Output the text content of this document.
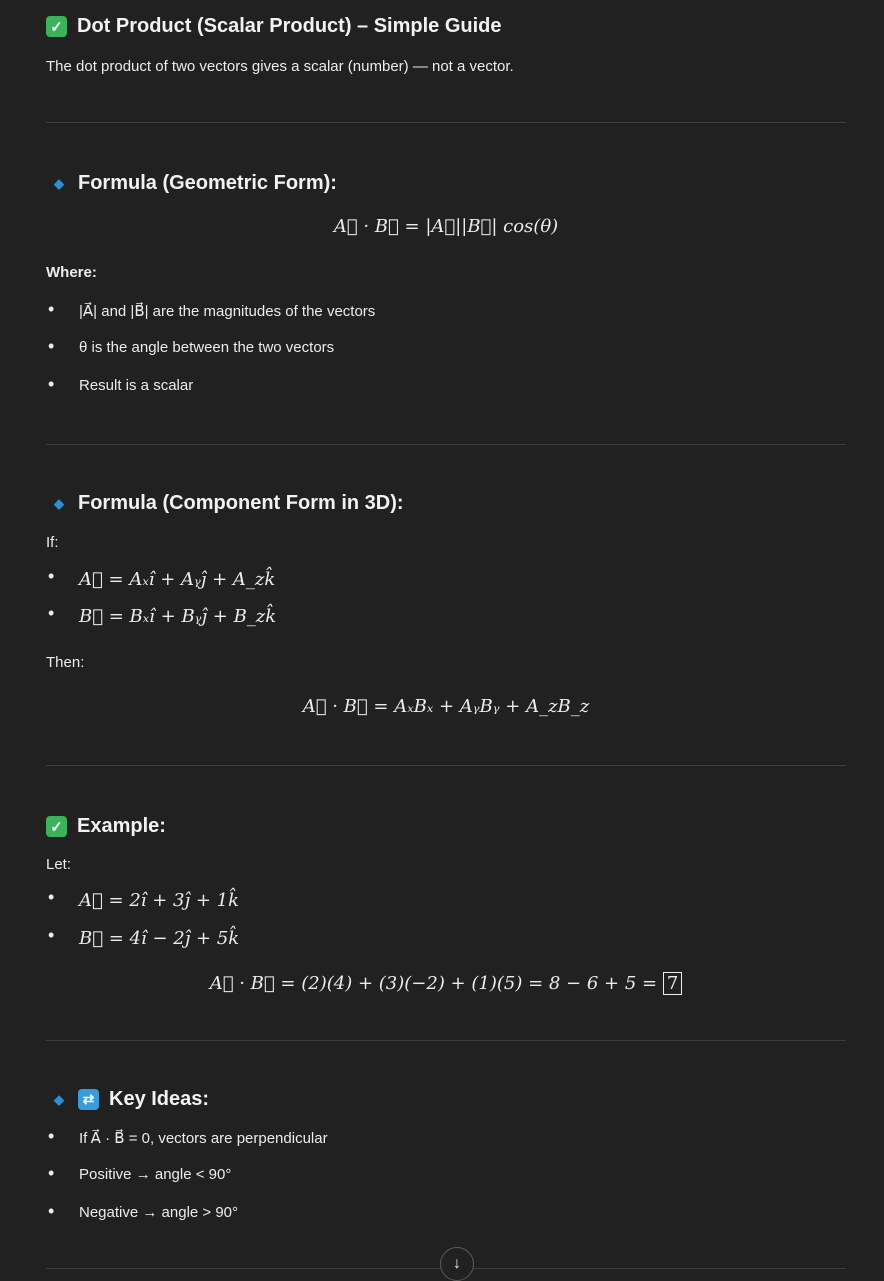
✓ Dot Product (Scalar Product) – Simple Guide

The dot product of two vectors gives a scalar (number) — not a vector.

◆ Formula (Geometric Form):
A⃗ · B⃗ = |A⃗||B⃗| cos(θ)

Where:

• |A⃗| and |B⃗| are the magnitudes of the vectors
• θ is the angle between the two vectors
• Result is a scalar
◆ Formula (Component Form in 3D):

If:

• A⃗ = Aₓî + Aᵧĵ + A_zk̂
• B⃗ = Bₓî + Bᵧĵ + B_zk̂

Then:

A⃗ · B⃗ = AₓBₓ + AᵧBᵧ + A_zB_z
✓ Example:

Let:

• A⃗ = 2î + 3ĵ + 1k̂
• B⃗ = 4î − 2ĵ + 5k̂
A⃗ · B⃗ = (2)(4) + (3)(−2) + (1)(5) = 8 − 6 + 5 = 7
◆	⇄ Key Ideas:
• If A⃗ · B⃗ = 0, vectors are perpendicular
• Positive → angle < 90°
• Negative → angle > 90°
↓
